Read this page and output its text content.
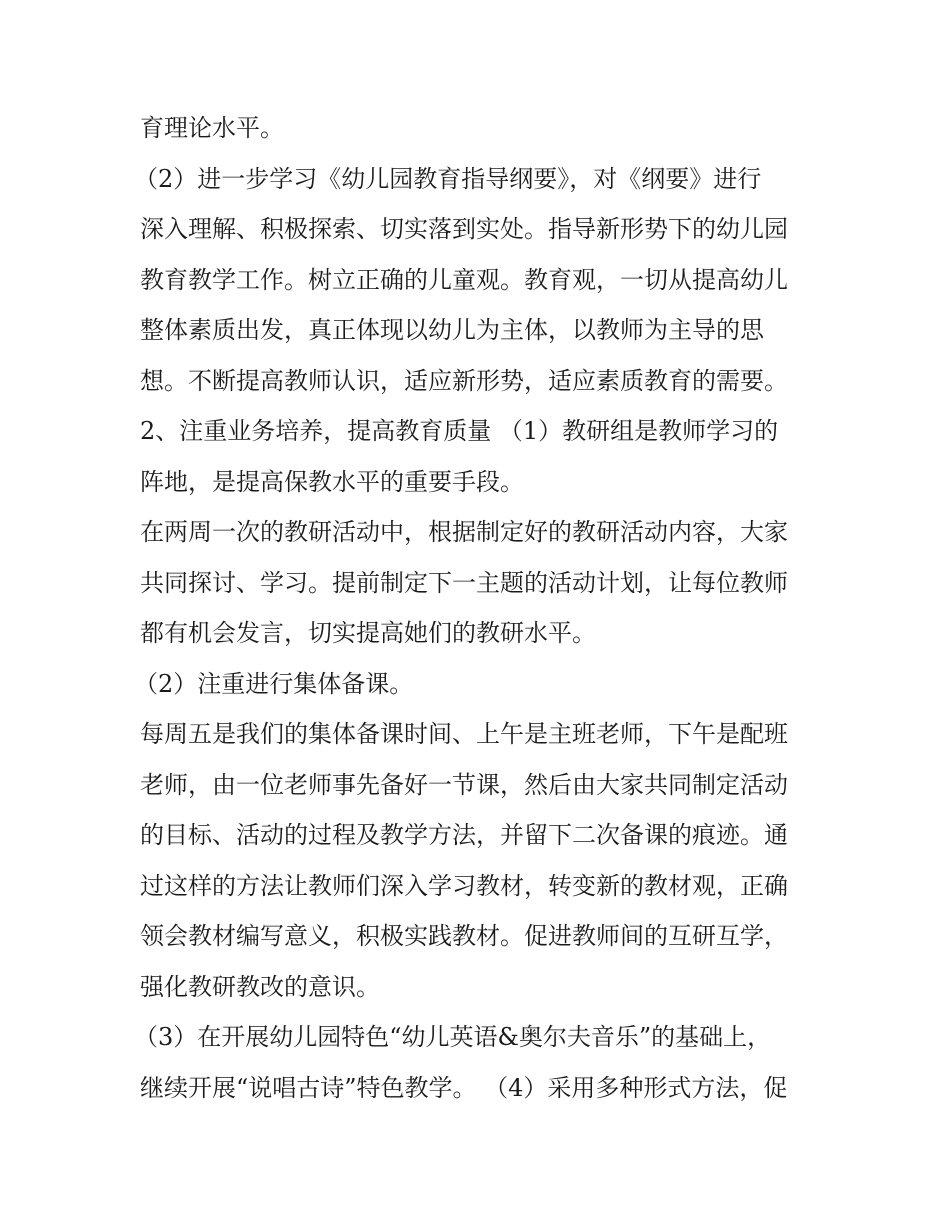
育理论水平。
（2）进一步学习《幼儿园教育指导纲要》，对《纲要》进行
深入理解、积极探索、切实落到实处。指导新形势下的幼儿园
教育教学工作。树立正确的儿童观。教育观，一切从提高幼儿
整体素质出发，真正体现以幼儿为主体，以教师为主导的思
想。不断提高教师认识，适应新形势，适应素质教育的需要。
2、注重业务培养，提高教育质量 （1）教研组是教师学习的
阵地，是提高保教水平的重要手段。
在两周一次的教研活动中，根据制定好的教研活动内容，大家
共同探讨、学习。提前制定下一主题的活动计划，让每位教师
都有机会发言，切实提高她们的教研水平。
（2）注重进行集体备课。
每周五是我们的集体备课时间、上午是主班老师，下午是配班
老师，由一位老师事先备好一节课，然后由大家共同制定活动
的目标、活动的过程及教学方法，并留下二次备课的痕迹。通
过这样的方法让教师们深入学习教材，转变新的教材观，正确
领会教材编写意义，积极实践教材。促进教师间的互研互学，
强化教研教改的意识。
（3）在开展幼儿园特色“幼儿英语&奥尔夫音乐”的基础上，
继续开展“说唱古诗”特色教学。 （4）采用多种形式方法，促
